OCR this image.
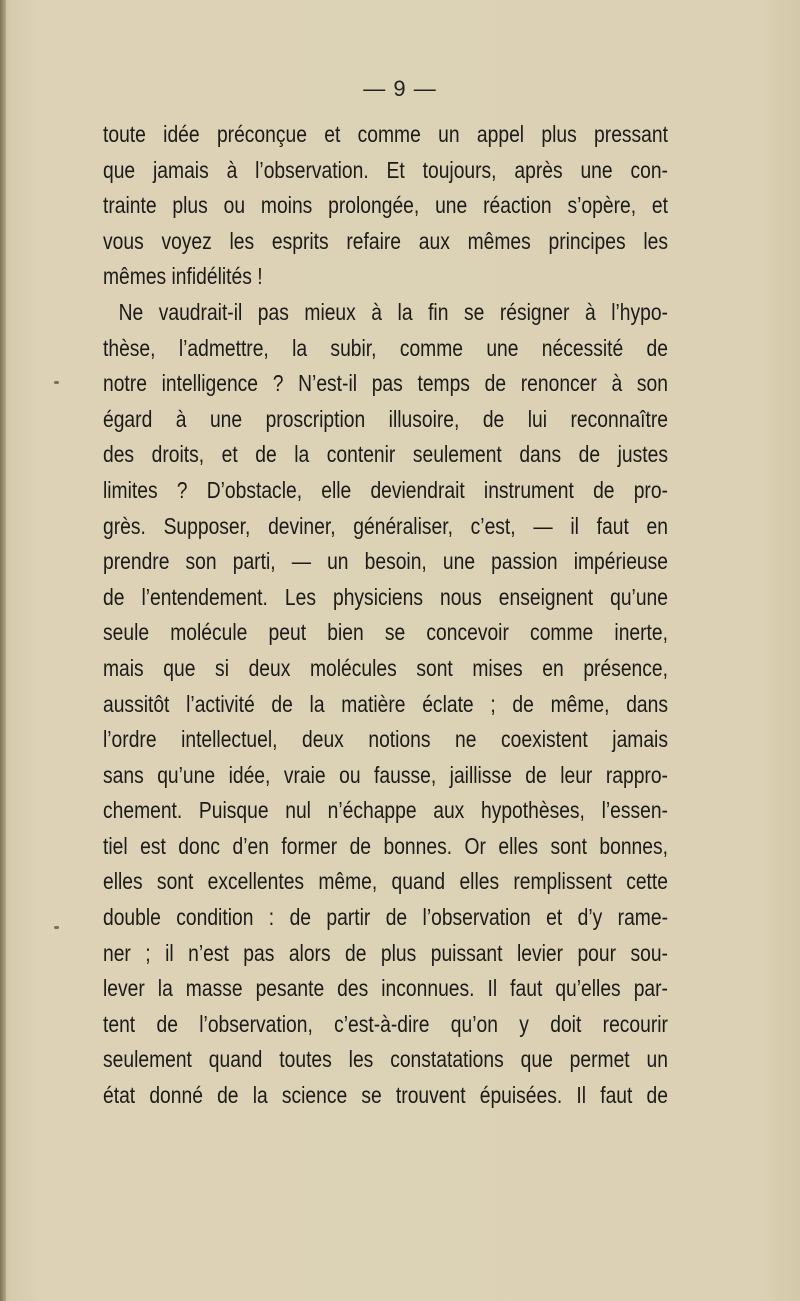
— 9 —
toute idée préconçue et comme un appel plus pressant
que jamais à l’observation. Et toujours, après une con-
trainte plus ou moins prolongée, une réaction s’opère, et
vous voyez les esprits refaire aux mêmes principes les
mêmes infidélités !
Ne vaudrait-il pas mieux à la fin se résigner à l’hypo-
thèse, l’admettre, la subir, comme une nécessité de
notre intelligence ? N’est-il pas temps de renoncer à son
égard à une proscription illusoire, de lui reconnaître
des droits, et de la contenir seulement dans de justes
limites ? D’obstacle, elle deviendrait instrument de pro-
grès. Supposer, deviner, généraliser, c’est, — il faut en
prendre son parti, — un besoin, une passion impérieuse
de l’entendement. Les physiciens nous enseignent qu’une
seule molécule peut bien se concevoir comme inerte,
mais que si deux molécules sont mises en présence,
aussitôt l’activité de la matière éclate ; de même, dans
l’ordre intellectuel, deux notions ne coexistent jamais
sans qu’une idée, vraie ou fausse, jaillisse de leur rappro-
chement. Puisque nul n’échappe aux hypothèses, l’essen-
tiel est donc d’en former de bonnes. Or elles sont bonnes,
elles sont excellentes même, quand elles remplissent cette
double condition : de partir de l’observation et d’y rame-
ner ; il n’est pas alors de plus puissant levier pour sou-
lever la masse pesante des inconnues. Il faut qu’elles par-
tent de l’observation, c’est-à-dire qu’on y doit recourir
seulement quand toutes les constatations que permet un
état donné de la science se trouvent épuisées. Il faut de
